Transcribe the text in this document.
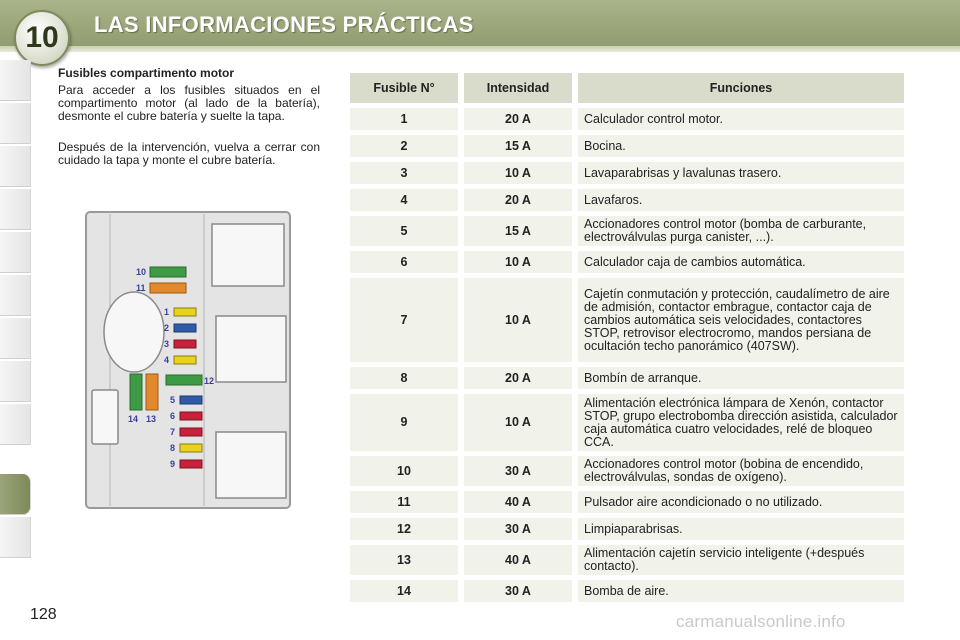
10	LAS INFORMACIONES PRÁCTICAS
Fusibles compartimento motor

Para acceder a los fusibles situados en el compartimento motor (al lado de la batería), desmonte el cubre batería y suelte la tapa.

Después de la intervención, vuelva a cerrar con cuidado la tapa y monte el cubre batería.

10
11
1
2
3
4
12
5
6
7
8
9
14 13
Fusible N°	Intensidad	Funciones
1	20 A	Calculador control motor.
2	15 A	Bocina.
3	10 A	Lavaparabrisas y lavalunas trasero.
4	20 A	Lavafaros.
5	15 A	Accionadores control motor (bomba de carburante, electroválvulas purga canister, ...).
6	10 A	Calculador caja de cambios automática.
7	10 A	Cajetín conmutación y protección, caudalímetro de aire de admisión, contactor embrague, contactor caja de cambios automática seis velocidades, contactores STOP, retrovisor electrocromo, mandos persiana de ocultación techo panorámico (407SW).
8	20 A	Bombín de arranque.
9	10 A	Alimentación electrónica lámpara de Xenón, contactor STOP, grupo electrobomba dirección asistida, calculador caja automática cuatro velocidades, relé de bloqueo CCA.
10	30 A	Accionadores control motor (bobina de encendido, electroválvulas, sondas de oxígeno).
11	40 A	Pulsador aire acondicionado o no utilizado.
12	30 A	Limpiaparabrisas.
13	40 A	Alimentación cajetín servicio inteligente (+después contacto).
14	30 A	Bomba de aire.
128	carmanualsonline.info
